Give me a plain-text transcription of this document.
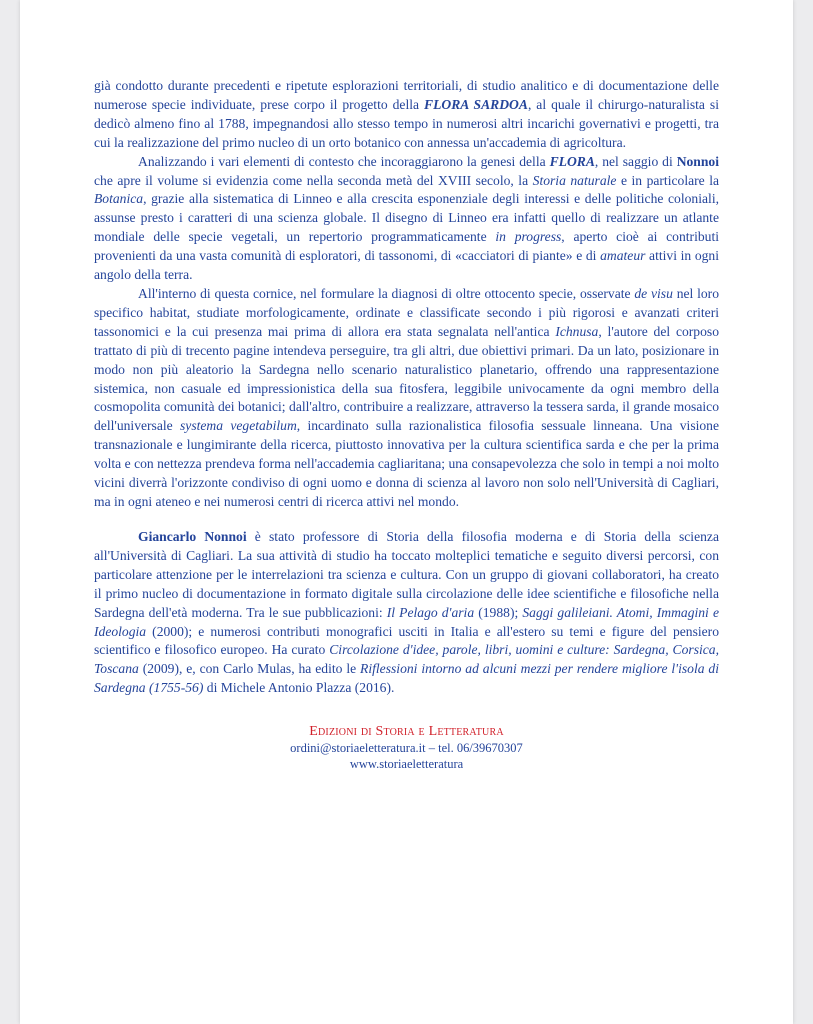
già condotto durante precedenti e ripetute esplorazioni territoriali, di studio analitico e di documentazione delle numerose specie individuate, prese corpo il progetto della FLORA SARDOA, al quale il chirurgo-naturalista si dedicò almeno fino al 1788, impegnandosi allo stesso tempo in numerosi altri incarichi governativi e progetti, tra cui la realizzazione del primo nucleo di un orto botanico con annessa un'accademia di agricoltura.

Analizzando i vari elementi di contesto che incoraggiarono la genesi della FLORA, nel saggio di Nonnoi che apre il volume si evidenzia come nella seconda metà del XVIII secolo, la Storia naturale e in particolare la Botanica, grazie alla sistematica di Linneo e alla crescita esponenziale degli interessi e delle politiche coloniali, assunse presto i caratteri di una scienza globale. Il disegno di Linneo era infatti quello di realizzare un atlante mondiale delle specie vegetali, un repertorio programmaticamente in progress, aperto cioè ai contributi provenienti da una vasta comunità di esploratori, di tassonomi, di «cacciatori di piante» e di amateur attivi in ogni angolo della terra.

All'interno di questa cornice, nel formulare la diagnosi di oltre ottocento specie, osservate de visu nel loro specifico habitat, studiate morfologicamente, ordinate e classificate secondo i più rigorosi e avanzati criteri tassonomici e la cui presenza mai prima di allora era stata segnalata nell'antica Ichnusa, l'autore del corposo trattato di più di trecento pagine intendeva perseguire, tra gli altri, due obiettivi primari. Da un lato, posizionare in modo non più aleatorio la Sardegna nello scenario naturalistico planetario, offrendo una rappresentazione sistemica, non casuale ed impressionistica della sua fitosfera, leggibile univocamente da ogni membro della cosmopolita comunità dei botanici; dall'altro, contribuire a realizzare, attraverso la tessera sarda, il grande mosaico dell'universale systema vegetabilum, incardinato sulla razionalistica filosofia sessuale linneana. Una visione transnazionale e lungimirante della ricerca, piuttosto innovativa per la cultura scientifica sarda e che per la prima volta e con nettezza prendeva forma nell'accademia cagliaritana; una consapevolezza che solo in tempi a noi molto vicini diverrà l'orizzonte condiviso di ogni uomo e donna di scienza al lavoro non solo nell'Università di Cagliari, ma in ogni ateneo e nei numerosi centri di ricerca attivi nel mondo.

Giancarlo Nonnoi è stato professore di Storia della filosofia moderna e di Storia della scienza all'Università di Cagliari. La sua attività di studio ha toccato molteplici tematiche e seguito diversi percorsi, con particolare attenzione per le interrelazioni tra scienza e cultura. Con un gruppo di giovani collaboratori, ha creato il primo nucleo di documentazione in formato digitale sulla circolazione delle idee scientifiche e filosofiche nella Sardegna dell'età moderna. Tra le sue pubblicazioni: Il Pelago d'aria (1988); Saggi galileiani. Atomi, Immagini e Ideologia (2000); e numerosi contributi monografici usciti in Italia e all'estero su temi e figure del pensiero scientifico e filosofico europeo. Ha curato Circolazione d'idee, parole, libri, uomini e culture: Sardegna, Corsica, Toscana (2009), e, con Carlo Mulas, ha edito le Riflessioni intorno ad alcuni mezzi per rendere migliore l'isola di Sardegna (1755-56) di Michele Antonio Plazza (2016).

Edizioni di Storia e Letteratura
ordini@storiaeletteratura.it – tel. 06/39670307
www.storiaeletteratura
